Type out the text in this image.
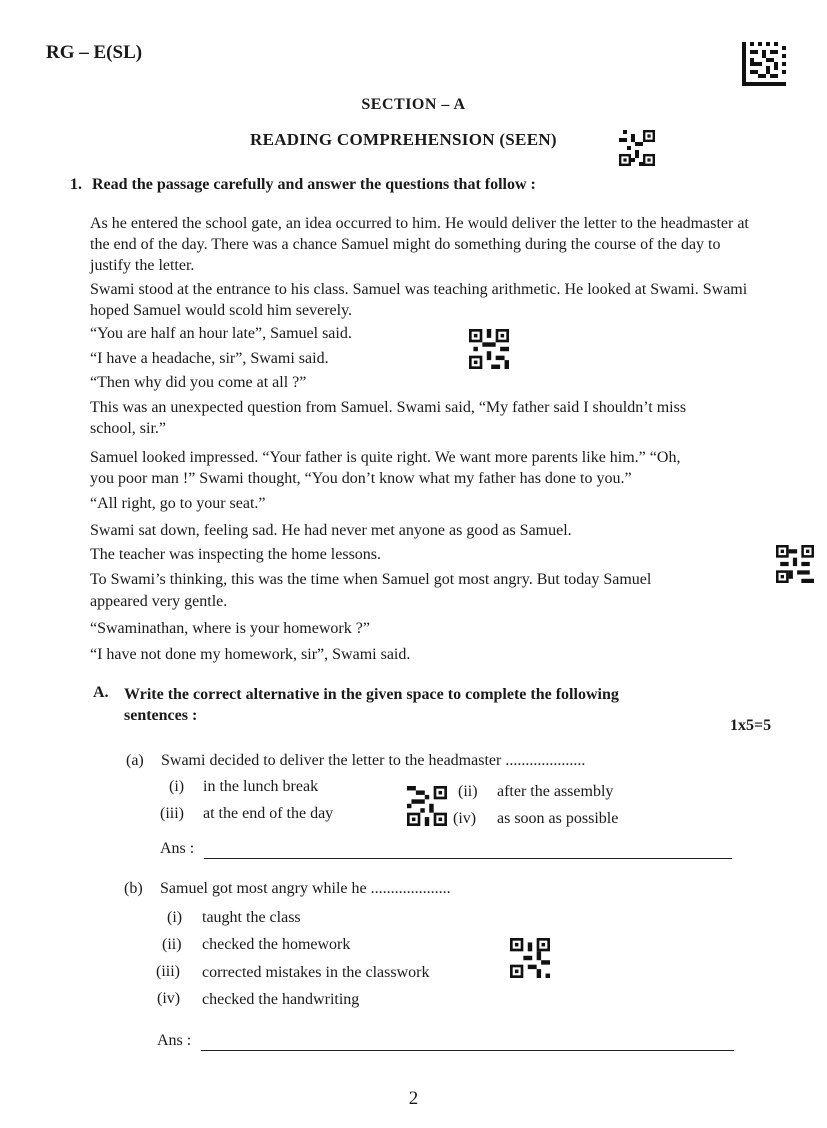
RG – E(SL)
SECTION – A
READING COMPREHENSION (SEEN)
1. Read the passage carefully and answer the questions that follow :
As he entered the school gate, an idea occurred to him. He would deliver the letter to the headmaster at the end of the day. There was a chance Samuel might do something during the course of the day to justify the letter.
Swami stood at the entrance to his class. Samuel was teaching arithmetic. He looked at Swami. Swami hoped Samuel would scold him severely.
“You are half an hour late”, Samuel said.
“I have a headache, sir”, Swami said.
“Then why did you come at all ?”
This was an unexpected question from Samuel. Swami said, “My father said I shouldn’t miss
school, sir.”
Samuel looked impressed. “Your father is quite right. We want more parents like him.” “Oh,
you poor man !” Swami thought, “You don’t know what my father has done to you.”
“All right, go to your seat.”
Swami sat down, feeling sad. He had never met anyone as good as Samuel.
The teacher was inspecting the home lessons.
To Swami’s thinking, this was the time when Samuel got most angry. But today Samuel
appeared very gentle.
“Swaminathan, where is your homework ?”
“I have not done my homework, sir”, Swami said.
A. Write the correct alternative in the given space to complete the following sentences :
1x5=5
(a) Swami decided to deliver the letter to the headmaster ....................
(i) in the lunch break	(ii) after the assembly
(iii) at the end of the day	(iv) as soon as possible
Ans :
(b) Samuel got most angry while he ....................
(i) taught the class
(ii) checked the homework
(iii) corrected mistakes in the classwork
(iv) checked the handwriting
Ans :
2
